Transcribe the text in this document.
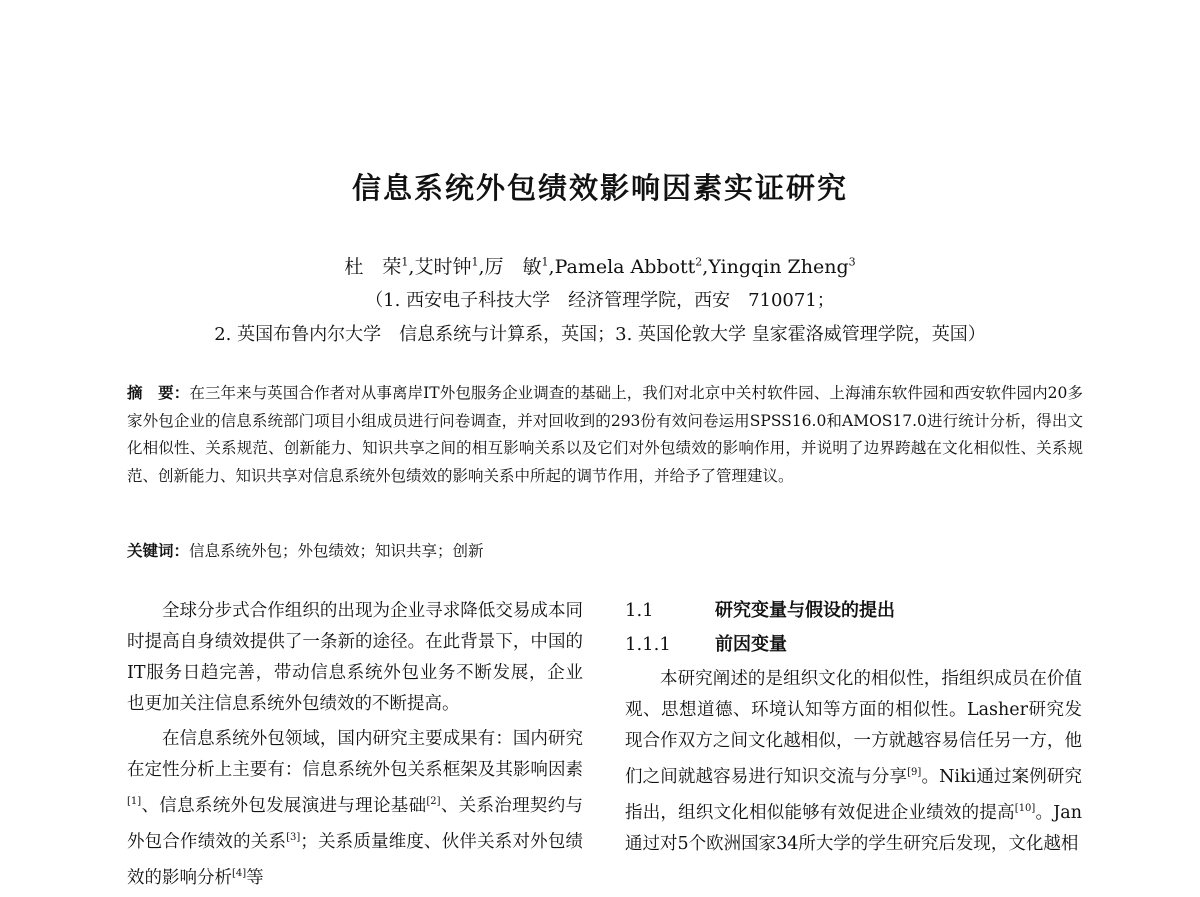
信息系统外包绩效影响因素实证研究
杜　荣$^1$,艾时钟$^1$,厉　敏$^1$,Pamela Abbott$^2$,Yingqin Zheng$^3$
（1. 西安电子科技大学　经济管理学院，西安　710071；
2. 英国布鲁内尔大学　信息系统与计算系，英国；3. 英国伦敦大学 皇家霍洛威管理学院，英国）
摘　要：在三年来与英国合作者对从事离岸IT外包服务企业调查的基础上，我们对北京中关村软件园、上海浦东软件园和西安软件园内20多家外包企业的信息系统部门项目小组成员进行问卷调查，并对回收到的293份有效问卷运用SPSS16.0和AMOS17.0进行统计分析，得出文化相似性、关系规范、创新能力、知识共享之间的相互影响关系以及它们对外包绩效的影响作用，并说明了边界跨越在文化相似性、关系规范、创新能力、知识共享对信息系统外包绩效的影响关系中所起的调节作用，并给予了管理建议。
关键词：信息系统外包；外包绩效；知识共享；创新

全球分步式合作组织的出现为企业寻求降低交易成本同时提高自身绩效提供了一条新的途径。在此背景下，中国的IT服务日趋完善，带动信息系统外包业务不断发展，企业也更加关注信息系统外包绩效的不断提高。

在信息系统外包领域，国内研究主要成果有：国内研究在定性分析上主要有：信息系统外包关系框架及其影响因素[1]、信息系统外包发展演进与理论基础[2]、关系治理契约与外包合作绩效的关系[3]；关系质量维度、伙伴关系对外包绩效的影响分析[4]等

1.1	研究变量与假设的提出
1.1.1 前因变量

本研究阐述的是组织文化的相似性，指组织成员在价值观、思想道德、环境认知等方面的相似性。Lasher研究发现合作双方之间文化越相似，一方就越容易信任另一方，他们之间就越容易进行知识交流与分享[9]。Niki通过案例研究指出，组织文化相似能够有效促进企业绩效的提高[10]。Jan通过对5个欧洲国家34所大学的学生研究后发现，文化越相
